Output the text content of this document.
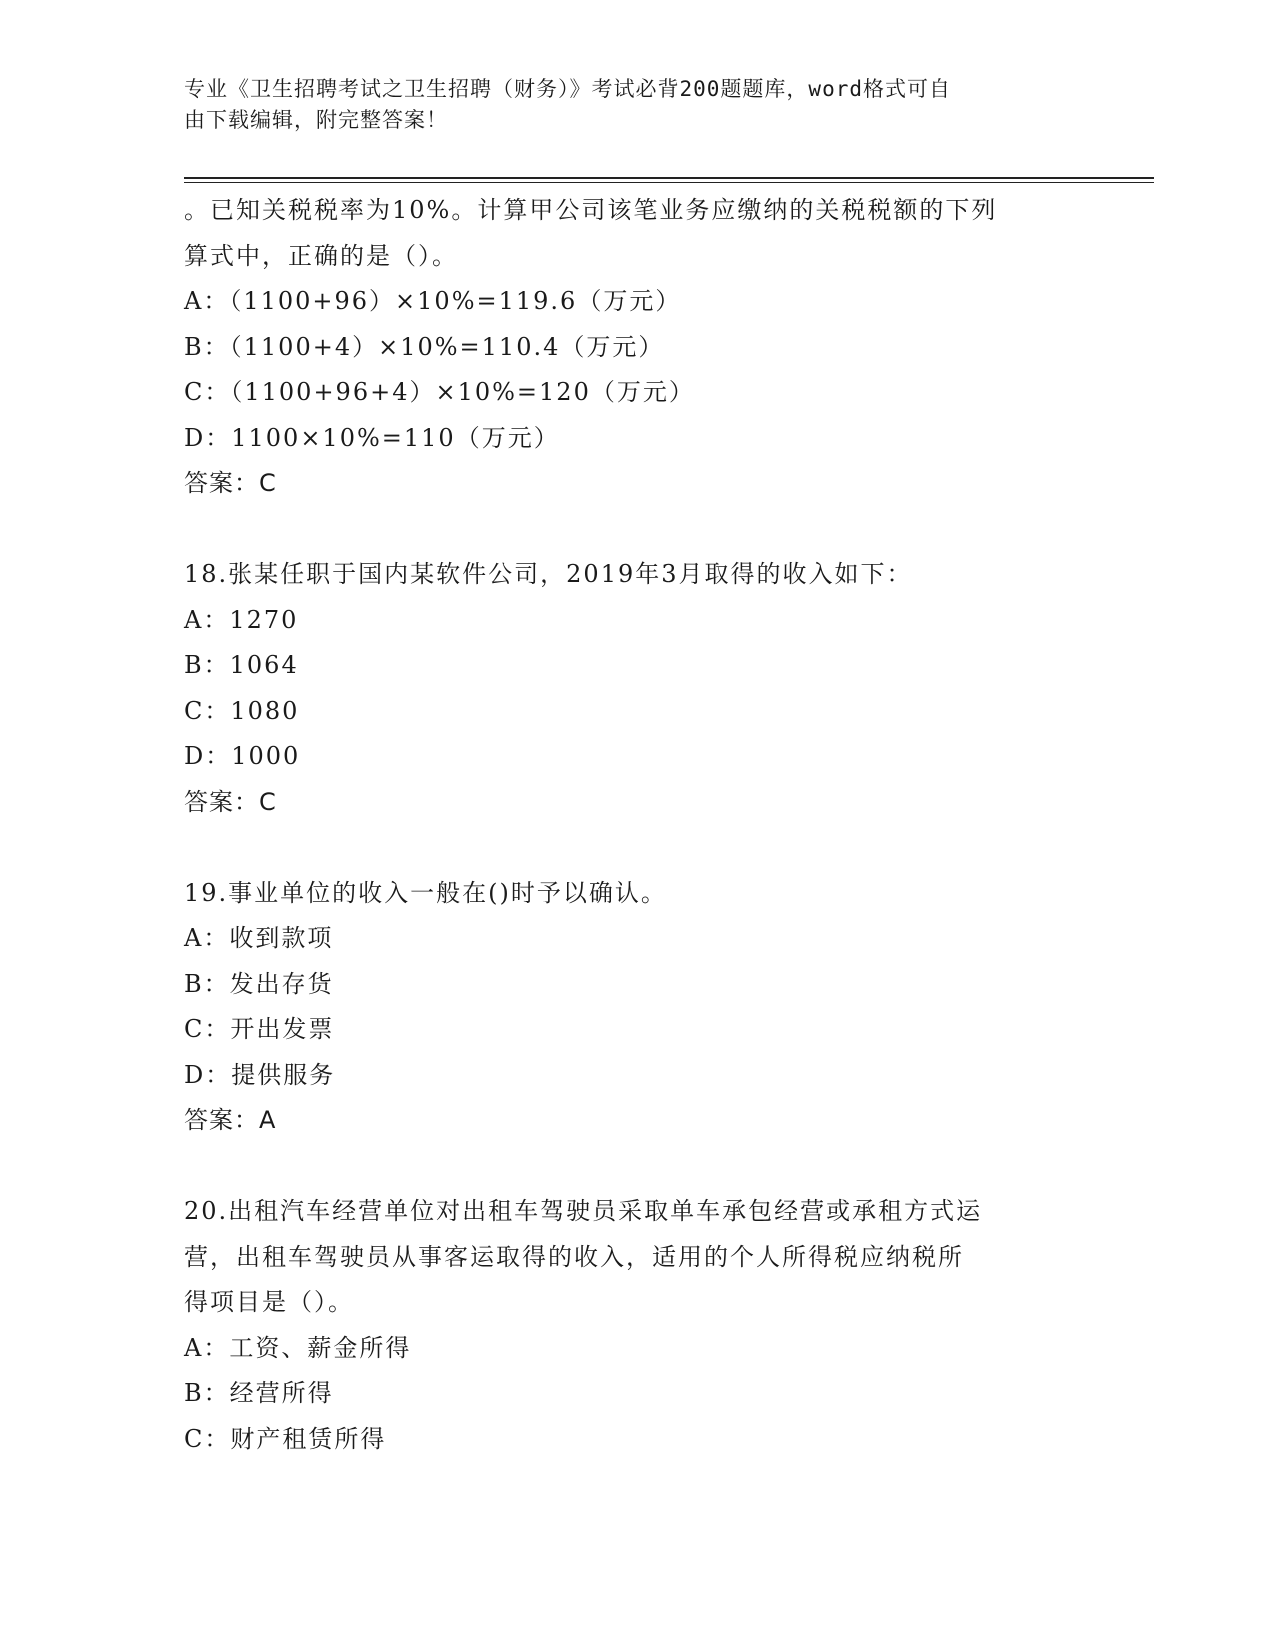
专业《卫生招聘考试之卫生招聘（财务）》考试必背200题题库，word格式可自
由下载编辑，附完整答案！
。已知关税税率为10%。计算甲公司该笔业务应缴纳的关税税额的下列
算式中，正确的是（）。
A：（1100+96）×10%=119.6（万元）
B：（1100+4）×10%=110.4（万元）
C：（1100+96+4）×10%=120（万元）
D：1100×10%=110（万元）
答案：C
18.张某任职于国内某软件公司，2019年3月取得的收入如下：
A：1270
B：1064
C：1080
D：1000
答案：C
19.事业单位的收入一般在()时予以确认。
A：收到款项
B：发出存货
C：开出发票
D：提供服务
答案：A
20.出租汽车经营单位对出租车驾驶员采取单车承包经营或承租方式运
营，出租车驾驶员从事客运取得的收入，适用的个人所得税应纳税所
得项目是（）。
A：工资、薪金所得
B：经营所得
C：财产租赁所得
